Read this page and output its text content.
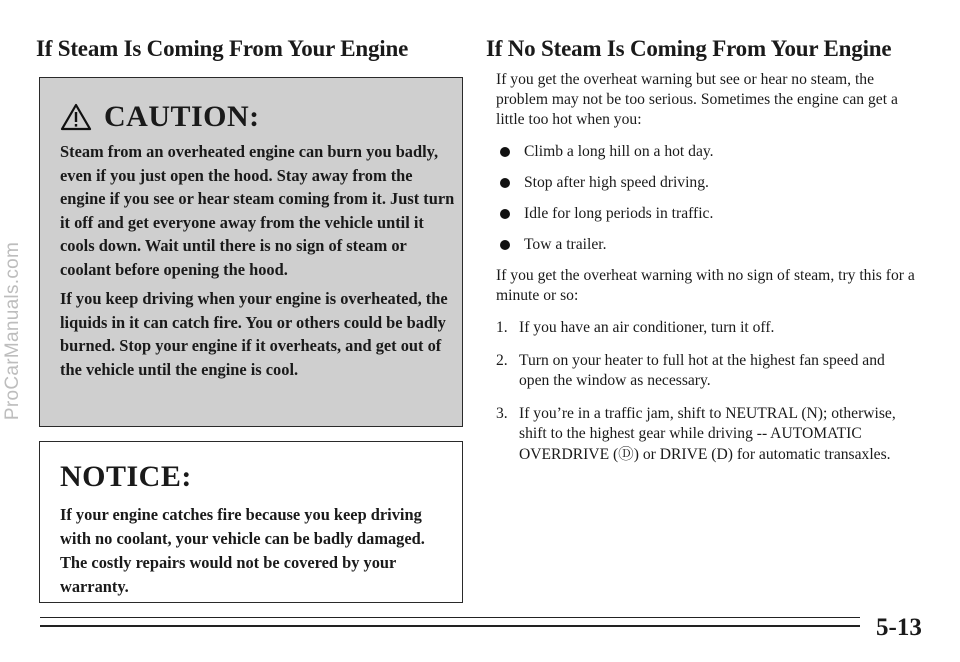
ProCarManuals.com
If Steam Is Coming From Your Engine	If No Steam Is Coming From Your Engine
CAUTION:

Steam from an overheated engine can burn you badly, even if you just open the hood. Stay away from the engine if you see or hear steam coming from it. Just turn it off and get everyone away from the vehicle until it cools down. Wait until there is no sign of steam or coolant before opening the hood.

If you keep driving when your engine is overheated, the liquids in it can catch fire. You or others could be badly burned. Stop your engine if it overheats, and get out of the vehicle until the engine is cool.

NOTICE:
If your engine catches fire because you keep driving with no coolant, your vehicle can be badly damaged. The costly repairs would not be covered by your warranty.

If you get the overheat warning but see or hear no steam, the problem may not be too serious. Sometimes the engine can get a little too hot when you:

Climb a long hill on a hot day.
Stop after high speed driving.
Idle for long periods in traffic.
Tow a trailer.

If you get the overheat warning with no sign of steam, try this for a minute or so:

1. If you have an air conditioner, turn it off.
2. Turn on your heater to full hot at the highest fan speed and open the window as necessary.
3. If you’re in a traffic jam, shift to NEUTRAL (N); otherwise, shift to the highest gear while driving -- AUTOMATIC OVERDRIVE (Ⓓ) or DRIVE (D) for automatic transaxles.
5-13
